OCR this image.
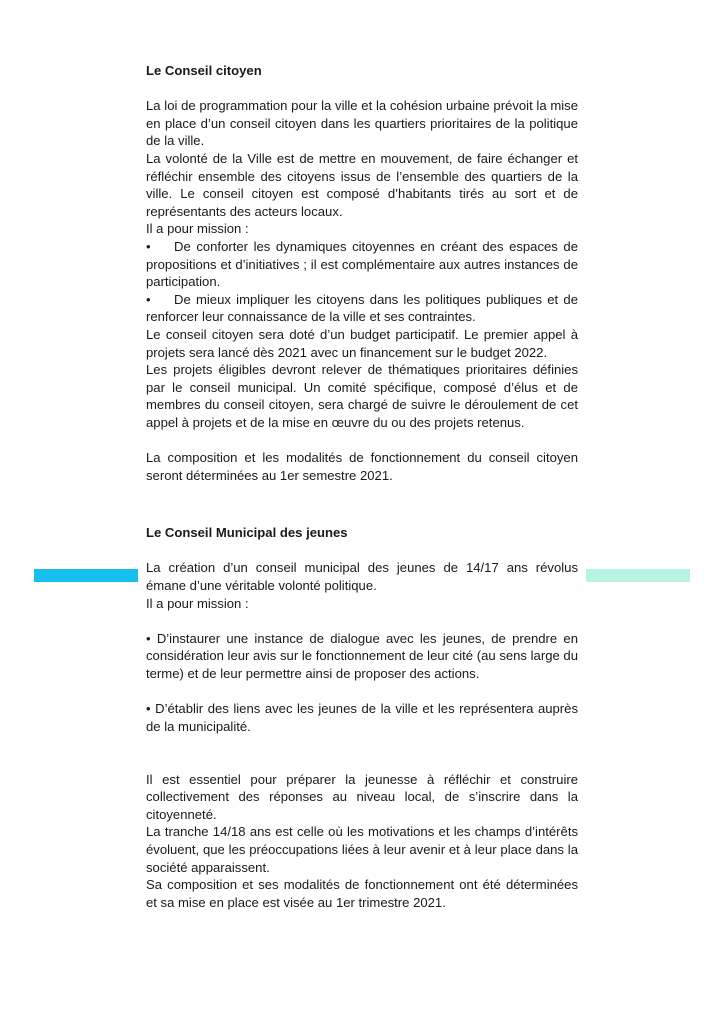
Le Conseil citoyen

La loi de programmation pour la ville et la cohésion urbaine prévoit la mise en place d’un conseil citoyen dans les quartiers prioritaires de la politique de la ville.

La volonté de la Ville est de mettre en mouvement, de faire échanger et réfléchir ensemble des citoyens issus de l’ensemble des quartiers de la ville. Le conseil citoyen est composé d’habitants tirés au sort et de représentants des acteurs locaux.

Il a pour mission :

• De conforter les dynamiques citoyennes en créant des espaces de propositions et d’initiatives ; il est complémentaire aux autres instances de participation.

• De mieux impliquer les citoyens dans les politiques publiques et de renforcer leur connaissance de la ville et ses contraintes.

Le conseil citoyen sera doté d’un budget participatif. Le premier appel à projets sera lancé dès 2021 avec un financement sur le budget 2022.

Les projets éligibles devront relever de thématiques prioritaires définies par le conseil municipal. Un comité spécifique, composé d’élus et de membres du conseil citoyen, sera chargé de suivre le déroulement de cet appel à projets et de la mise en œuvre du ou des projets retenus.

La composition et les modalités de fonctionnement du conseil citoyen seront déterminées au 1er semestre 2021.

Le Conseil Municipal des jeunes

La création d’un conseil municipal des jeunes de 14/17 ans révolus émane d’une véritable volonté politique.

Il a pour mission :

• D’instaurer une instance de dialogue avec les jeunes, de prendre en considération leur avis sur le fonctionnement de leur cité (au sens large du terme) et de leur permettre ainsi de proposer des actions.

• D’établir des liens avec les jeunes de la ville et les représentera auprès de la municipalité.

Il est essentiel pour préparer la jeunesse à réfléchir et construire collectivement des réponses au niveau local, de s’inscrire dans la citoyenneté.

La tranche 14/18 ans est celle où les motivations et les champs d’intérêts évoluent, que les préoccupations liées à leur avenir et à leur place dans la société apparaissent.

Sa composition et ses modalités de fonctionnement ont été déterminées et sa mise en place est visée au 1er trimestre 2021.
